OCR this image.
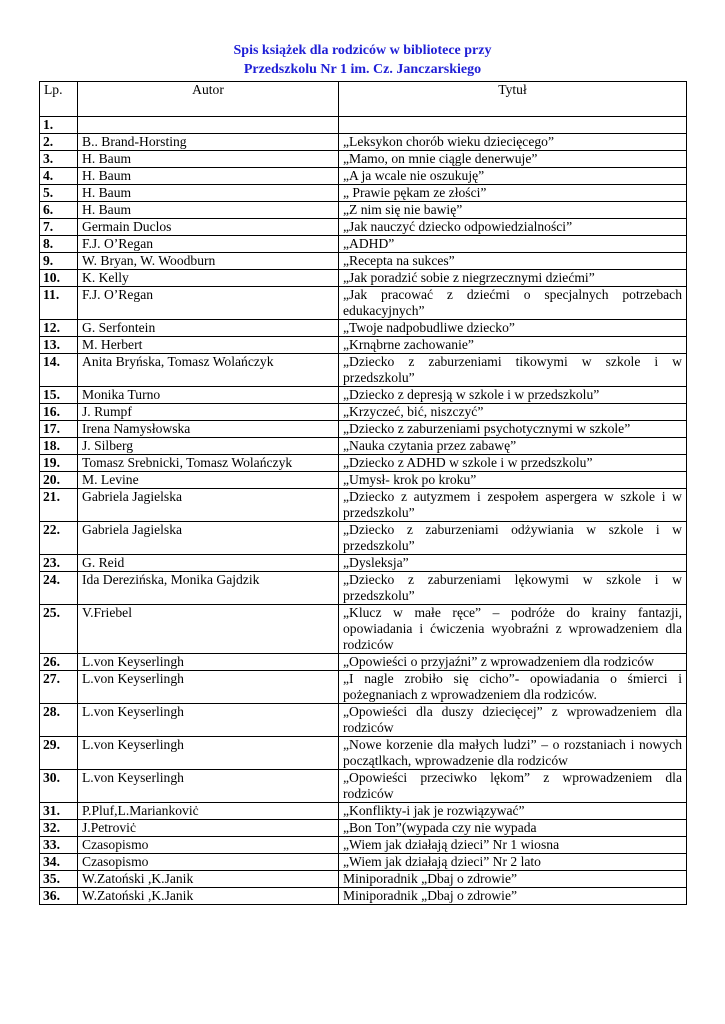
Spis książek dla rodziców w bibliotece przy
Przedszkolu Nr 1 im. Cz. Janczarskiego
Lp.	Autor	Tytuł
1.		
2.	B.. Brand-Horsting	„Leksykon chorób wieku dziecięcego”
3.	H. Baum	„Mamo, on mnie ciągle denerwuje”
4.	H. Baum	„A ja wcale nie oszukuję”
5.	H. Baum	„ Prawie pękam ze złości”
6.	H. Baum	„Z nim się nie bawię”
7.	Germain Duclos	„Jak nauczyć dziecko odpowiedzialności”
8.	F.J. O’Regan	„ADHD”
9.	W. Bryan, W. Woodburn	„Recepta na sukces”
10.	K. Kelly	„Jak poradzić sobie z niegrzecznymi dziećmi”
11.	F.J. O’Regan	„Jak pracować z dziećmi o specjalnych potrzebach edukacyjnych”
12.	G. Serfontein	„Twoje nadpobudliwe dziecko”
13.	M. Herbert	„Krnąbrne zachowanie”
14.	Anita Bryńska, Tomasz Wolańczyk	„Dziecko z zaburzeniami tikowymi w szkole i w przedszkolu”
15.	Monika Turno	„Dziecko z depresją w szkole i w przedszkolu”
16.	J. Rumpf	„Krzyczeć, bić, niszczyć”
17.	Irena Namysłowska	„Dziecko z zaburzeniami psychotycznymi w szkole”
18.	J. Silberg	„Nauka czytania przez zabawę”
19.	Tomasz Srebnicki, Tomasz Wolańczyk	„Dziecko z ADHD w szkole i w przedszkolu”
20.	M. Levine	„Umysł- krok po kroku”
21.	Gabriela Jagielska	„Dziecko z autyzmem i zespołem aspergera w szkole i w przedszkolu”
22.	Gabriela Jagielska	„Dziecko z zaburzeniami odżywiania w szkole i w przedszkolu”
23.	G. Reid	„Dysleksja”
24.	Ida Derezińska, Monika Gajdzik	„Dziecko z zaburzeniami lękowymi w szkole i w przedszkolu”
25.	V.Friebel	„Klucz w małe ręce” – podróże do krainy fantazji, opowiadania i ćwiczenia wyobraźni z wprowadzeniem dla rodziców
26.	L.von Keyserlingh	„Opowieści o przyjaźni” z wprowadzeniem dla rodziców
27.	L.von Keyserlingh	„I nagle zrobiło się cicho”- opowiadania o śmierci i pożegnaniach z wprowadzeniem dla rodziców.
28.	L.von Keyserlingh	„Opowieści dla duszy dziecięcej” z wprowadzeniem dla rodziców
29.	L.von Keyserlingh	„Nowe korzenie dla małych ludzi” – o rozstaniach i nowych początlkach, wprowadzenie dla rodziców
30.	L.von Keyserlingh	„Opowieści przeciwko lękom” z wprowadzeniem dla rodziców
31.	P.Pluf,L.Mariankoviċ	„Konflikty-i jak je rozwiązywać”
32.	J.Petroviċ	„Bon Ton”(wypada czy nie wypada
33.	Czasopismo	„Wiem jak działają dzieci” Nr 1 wiosna
34.	Czasopismo	„Wiem jak działają dzieci” Nr 2 lato
35.	W.Zatoński ,K.Janik	Miniporadnik „Dbaj o zdrowie”
36.	W.Zatoński ,K.Janik	Miniporadnik „Dbaj o zdrowie”
